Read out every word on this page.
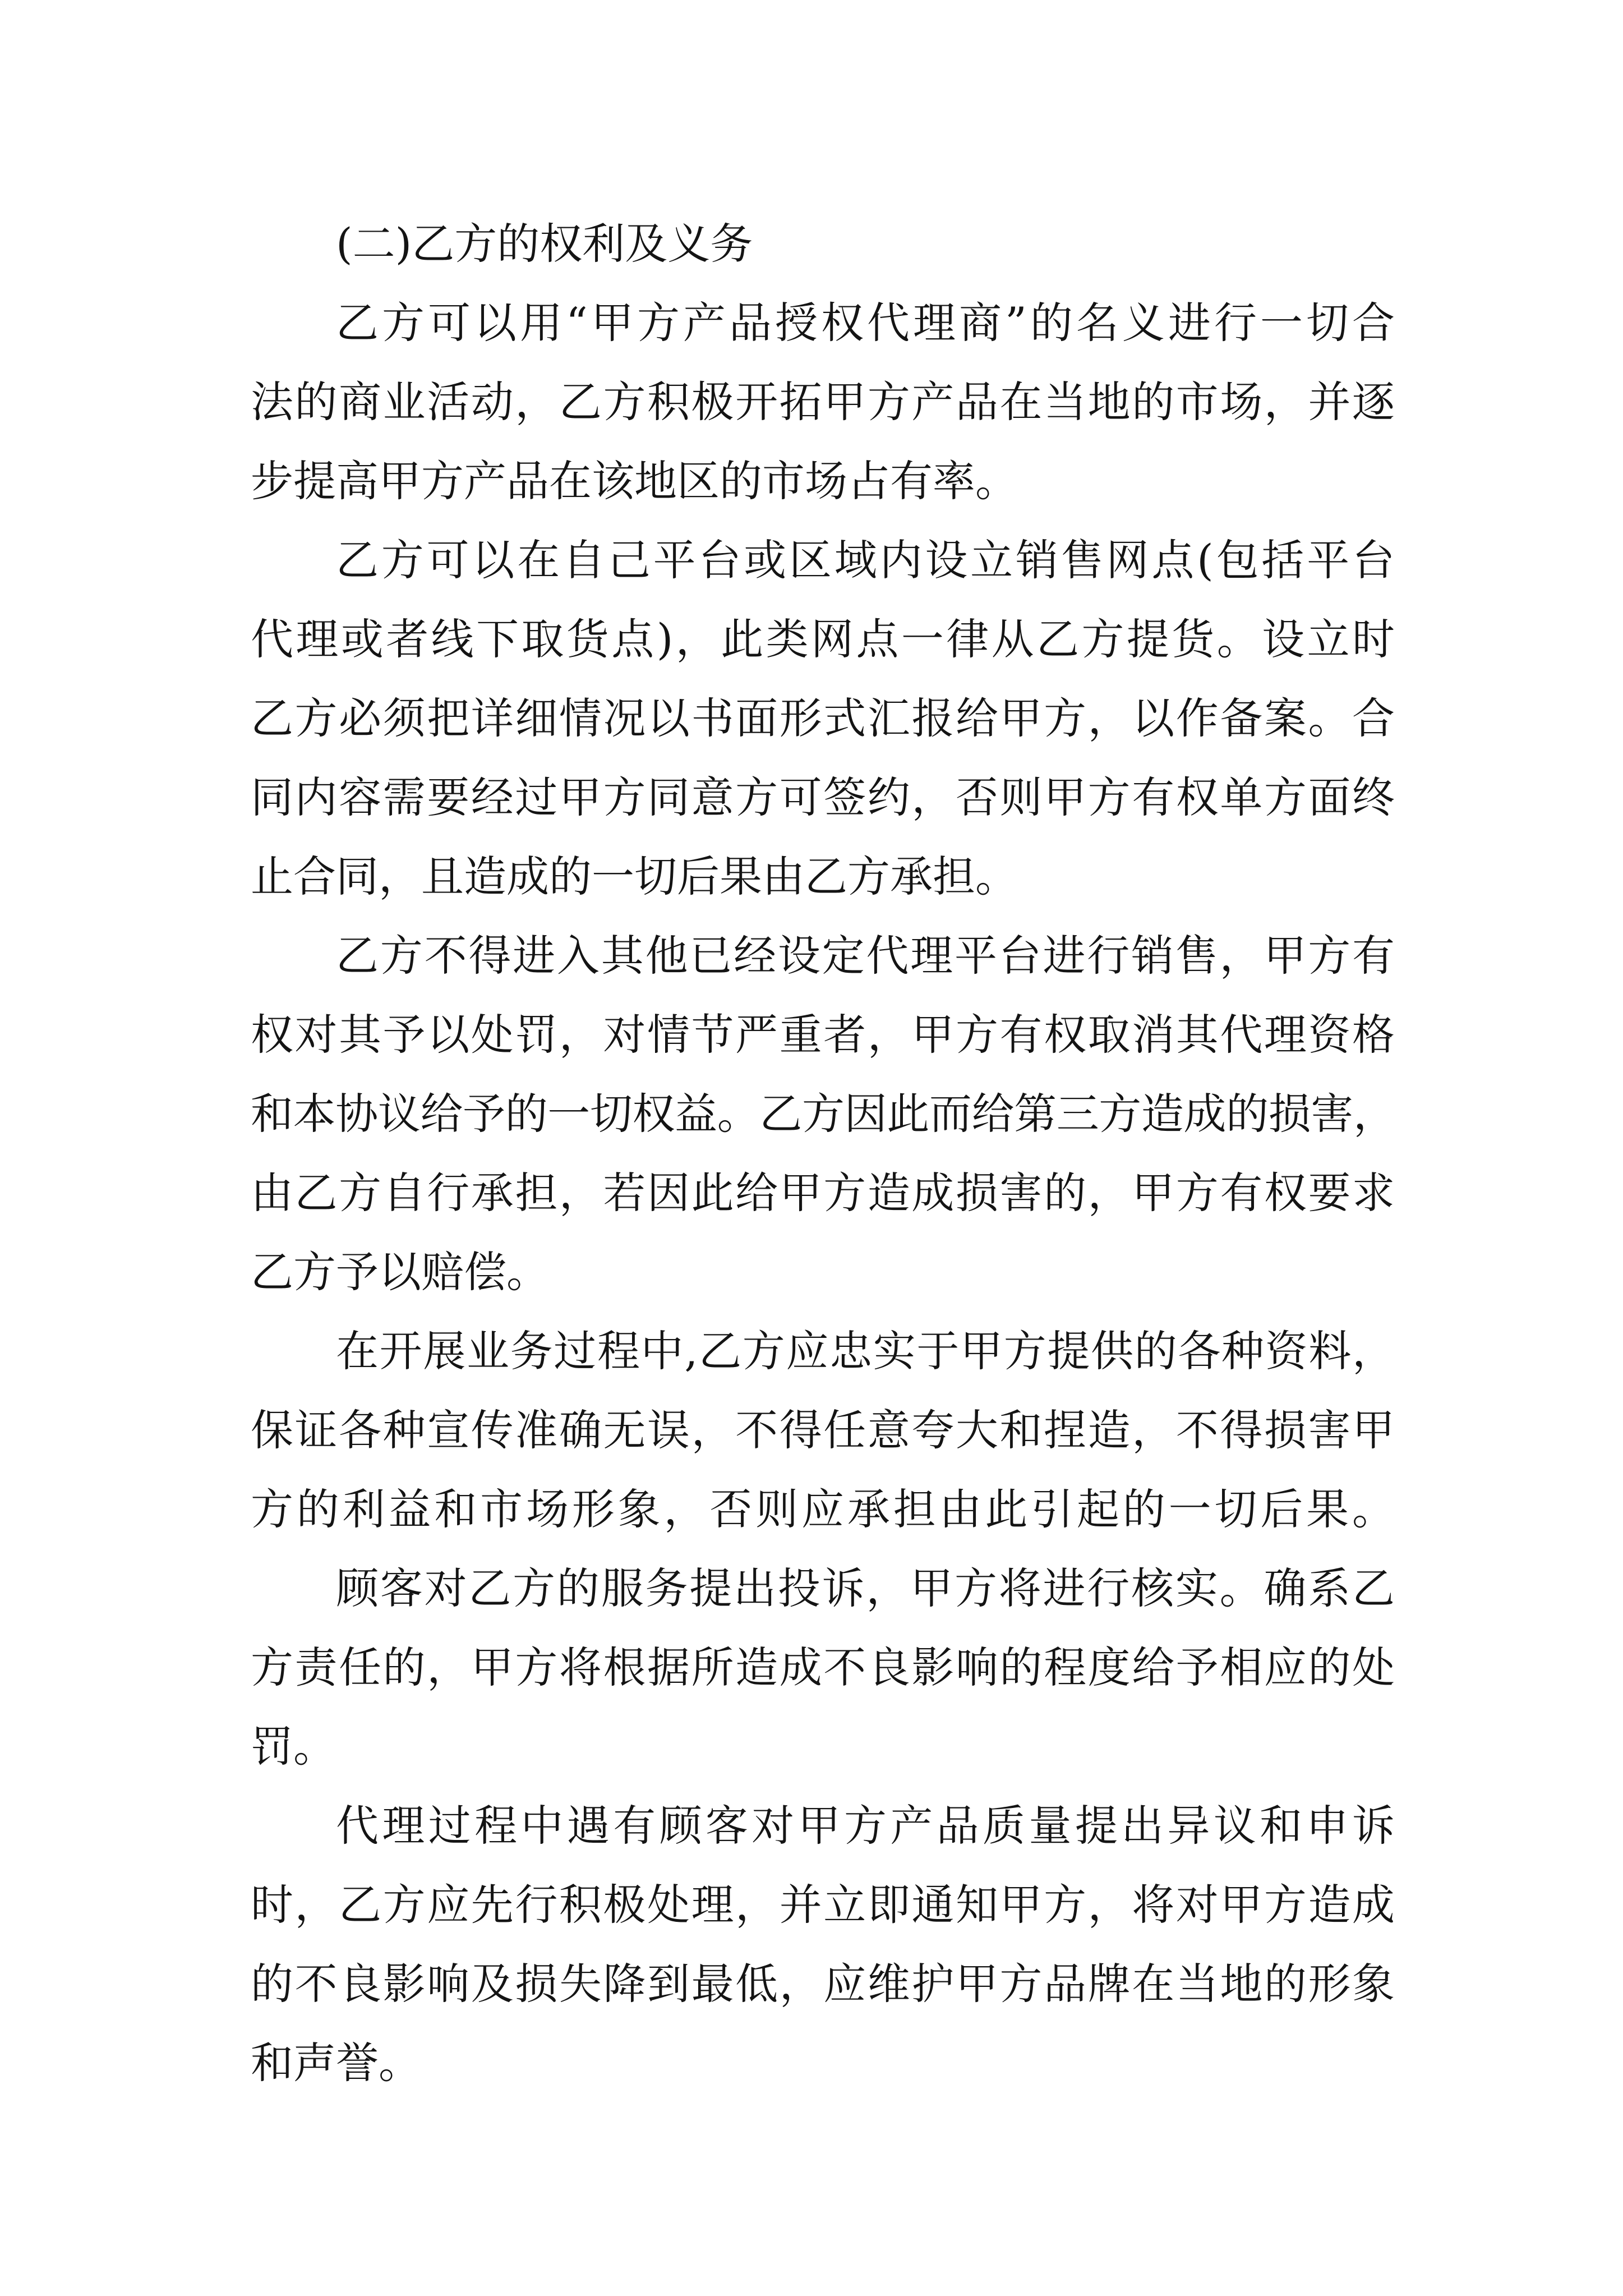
(二)乙方的权利及义务
乙方可以用“甲方产品授权代理商”的名义进行一切合
法的商业活动，乙方积极开拓甲方产品在当地的市场，并逐
步提高甲方产品在该地区的市场占有率。
乙方可以在自己平台或区域内设立销售网点(包括平台
代理或者线下取货点)，此类网点一律从乙方提货。设立时
乙方必须把详细情况以书面形式汇报给甲方，以作备案。合
同内容需要经过甲方同意方可签约，否则甲方有权单方面终
止合同，且造成的一切后果由乙方承担。
乙方不得进入其他已经设定代理平台进行销售，甲方有
权对其予以处罚，对情节严重者，甲方有权取消其代理资格
和本协议给予的一切权益。乙方因此而给第三方造成的损害，
由乙方自行承担，若因此给甲方造成损害的，甲方有权要求
乙方予以赔偿。
在开展业务过程中,乙方应忠实于甲方提供的各种资料，
保证各种宣传准确无误，不得任意夸大和捏造，不得损害甲
方的利益和市场形象，否则应承担由此引起的一切后果。
顾客对乙方的服务提出投诉，甲方将进行核实。确系乙
方责任的，甲方将根据所造成不良影响的程度给予相应的处
罚。
代理过程中遇有顾客对甲方产品质量提出异议和申诉
时，乙方应先行积极处理，并立即通知甲方，将对甲方造成
的不良影响及损失降到最低，应维护甲方品牌在当地的形象
和声誉。
